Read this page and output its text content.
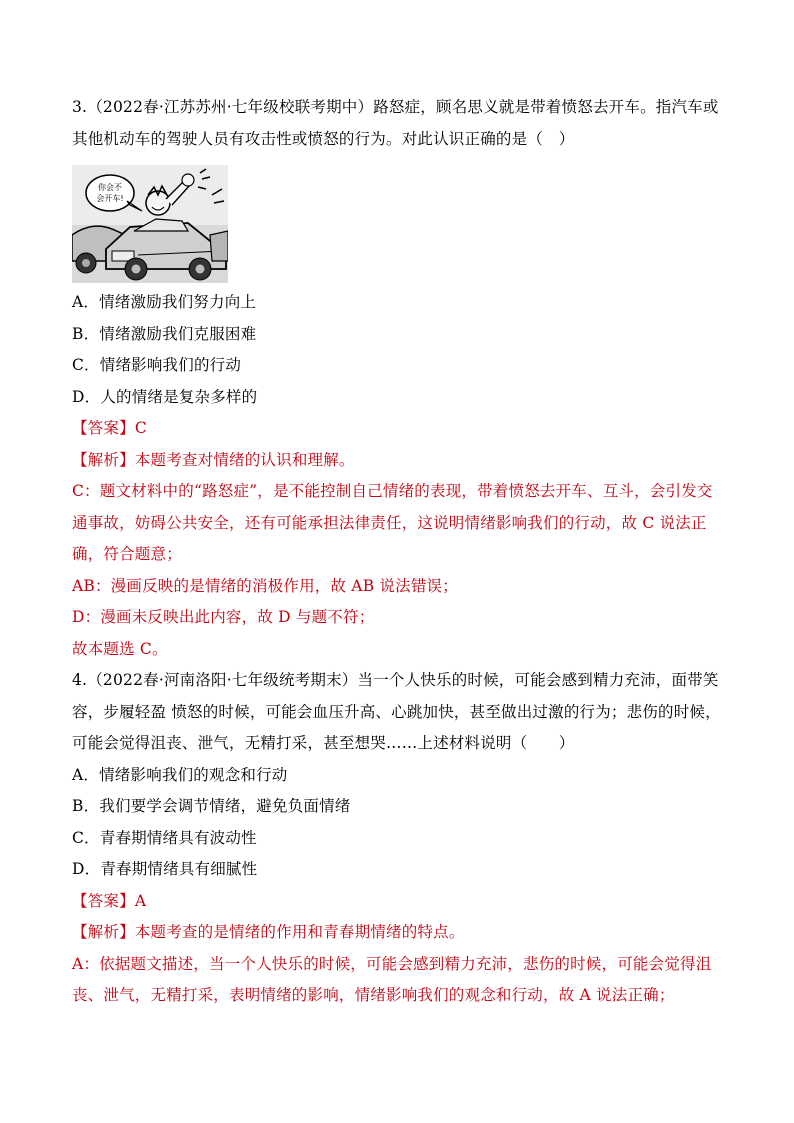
3.（2022春·江苏苏州·七年级校联考期中）路怒症，顾名思义就是带着愤怒去开车。指汽车或
其他机动车的驾驶人员有攻击性或愤怒的行为。对此认识正确的是（　）
你会不
会开车!
A．情绪激励我们努力向上
B．情绪激励我们克服困难
C．情绪影响我们的行动
D．人的情绪是复杂多样的
【答案】C
【解析】本题考查对情绪的认识和理解。
C：题文材料中的“路怒症”，是不能控制自己情绪的表现，带着愤怒去开车、互斗，会引发交
通事故，妨碍公共安全，还有可能承担法律责任，这说明情绪影响我们的行动，故 C 说法正
确，符合题意；
AB：漫画反映的是情绪的消极作用，故 AB 说法错误；
D：漫画未反映出此内容，故 D 与题不符；
故本题选 C。
4.（2022春·河南洛阳·七年级统考期末）当一个人快乐的时候，可能会感到精力充沛，面带笑
容，步履轻盈 愤怒的时候，可能会血压升高、心跳加快，甚至做出过激的行为；悲伤的时候，
可能会觉得沮丧、泄气，无精打采，甚至想哭……上述材料说明（　　）
A．情绪影响我们的观念和行动
B．我们要学会调节情绪，避免负面情绪
C．青春期情绪具有波动性
D．青春期情绪具有细腻性
【答案】A
【解析】本题考查的是情绪的作用和青春期情绪的特点。
A：依据题文描述，当一个人快乐的时候，可能会感到精力充沛，悲伤的时候，可能会觉得沮
丧、泄气，无精打采，表明情绪的影响，情绪影响我们的观念和行动，故 A 说法正确；
